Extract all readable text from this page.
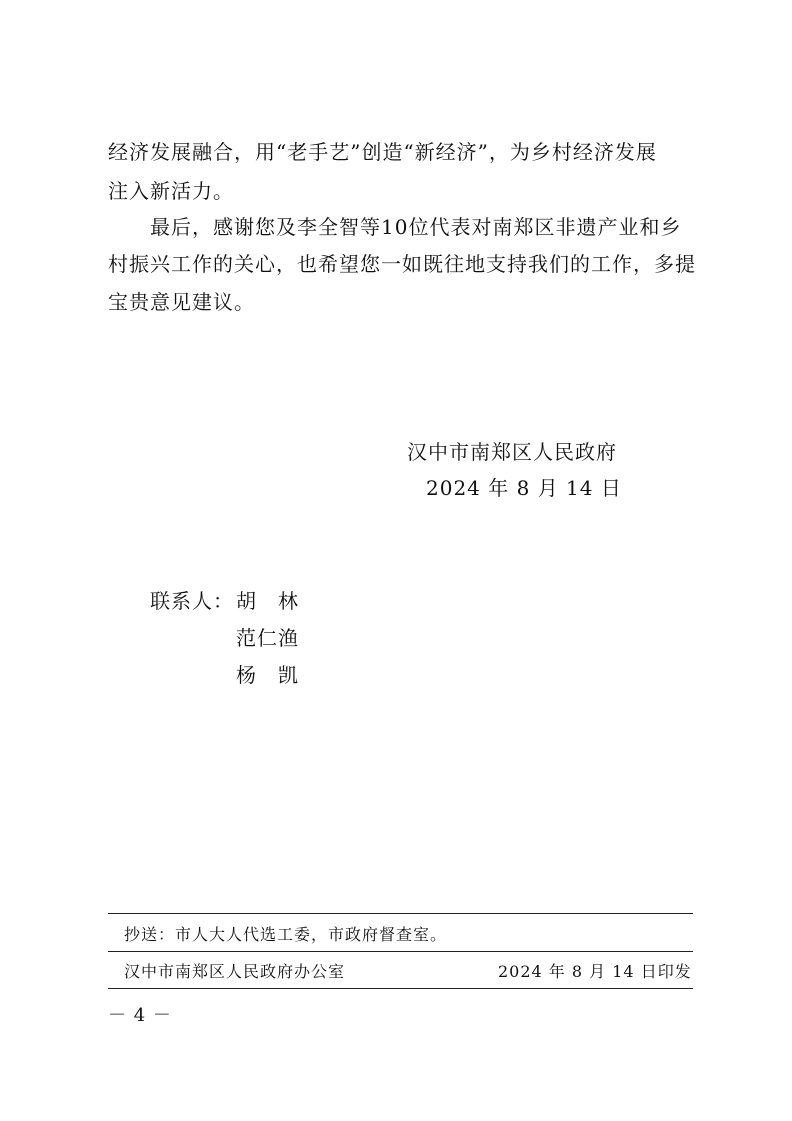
经济发展融合，用“老手艺”创造“新经济”，为乡村经济发展
注入新活力。
最后，感谢您及李全智等10位代表对南郑区非遗产业和乡
村振兴工作的关心，也希望您一如既往地支持我们的工作，多提
宝贵意见建议。
汉中市南郑区人民政府
2024 年 8 月 14 日
联系人： 胡　林
范仁渔
杨　凯
抄送：市人大人代选工委，市政府督查室。
汉中市南郑区人民政府办公室	2024 年 8 月 14 日印发
－ 4 －
